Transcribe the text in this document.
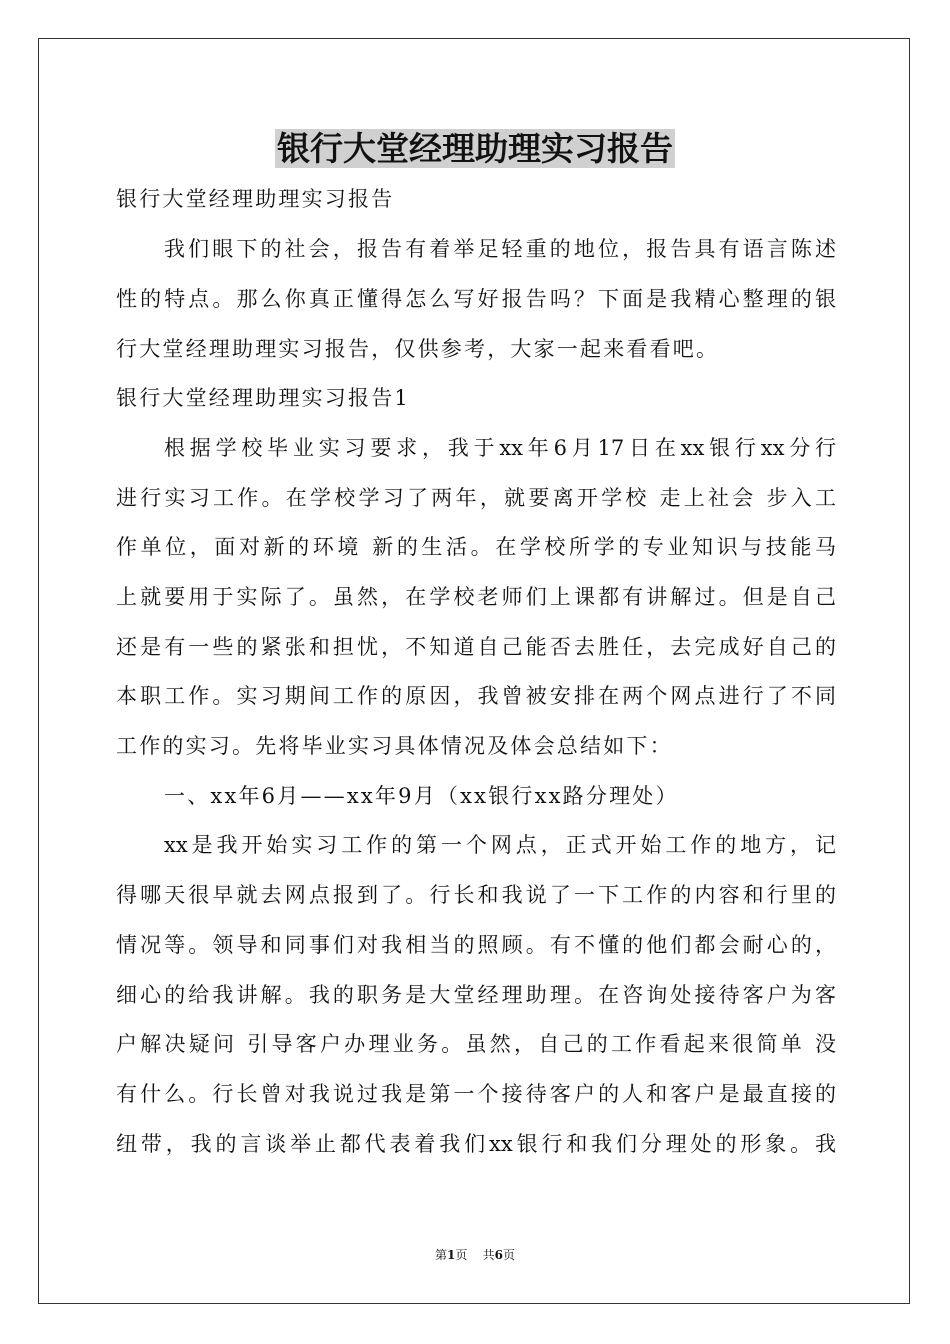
银行大堂经理助理实习报告

银行大堂经理助理实习报告

我们眼下的社会，报告有着举足轻重的地位，报告具有语言陈述

性的特点。那么你真正懂得怎么写好报告吗？下面是我精心整理的银

行大堂经理助理实习报告，仅供参考，大家一起来看看吧。

银行大堂经理助理实习报告1

根据学校毕业实习要求，我于xx年6月17日在xx银行xx分行

进行实习工作。在学校学习了两年，就要离开学校 走上社会 步入工

作单位，面对新的环境 新的生活。在学校所学的专业知识与技能马

上就要用于实际了。虽然，在学校老师们上课都有讲解过。但是自己

还是有一些的紧张和担忧，不知道自己能否去胜任，去完成好自己的

本职工作。实习期间工作的原因，我曾被安排在两个网点进行了不同

工作的实习。先将毕业实习具体情况及体会总结如下：

一、xx年6月——xx年9月（xx银行xx路分理处）

xx是我开始实习工作的第一个网点，正式开始工作的地方，记

得哪天很早就去网点报到了。行长和我说了一下工作的内容和行里的

情况等。领导和同事们对我相当的照顾。有不懂的他们都会耐心的，

细心的给我讲解。我的职务是大堂经理助理。在咨询处接待客户为客

户解决疑问 引导客户办理业务。虽然，自己的工作看起来很简单 没

有什么。行长曾对我说过我是第一个接待客户的人和客户是最直接的

纽带，我的言谈举止都代表着我们xx银行和我们分理处的形象。我

第1页 共6页
